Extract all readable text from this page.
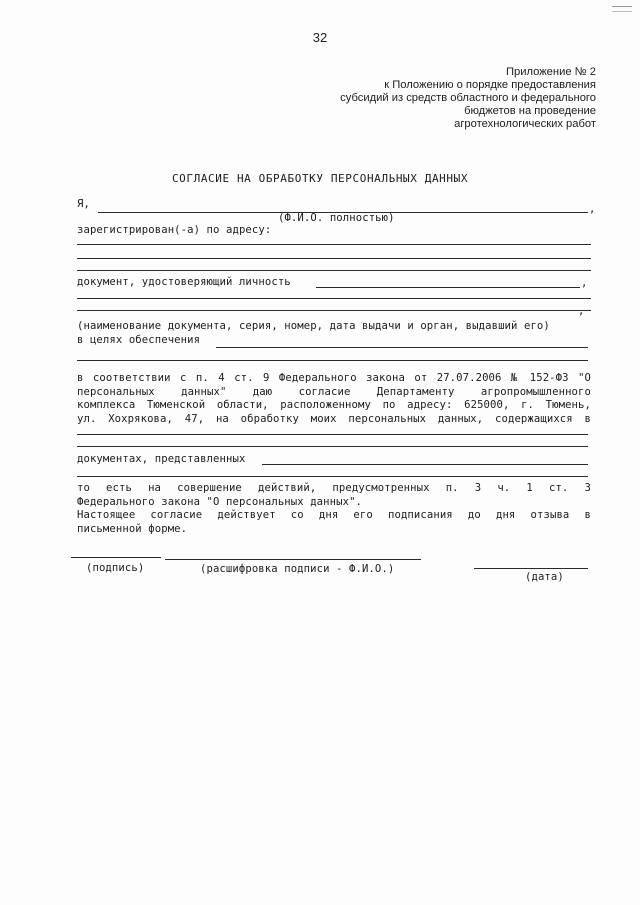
32
Приложение № 2
к Положению о порядке предоставления
субсидий из средств областного и федерального
бюджетов на проведение
агротехнологических работ
СОГЛАСИЕ НА ОБРАБОТКУ ПЕРСОНАЛЬНЫХ ДАННЫХ
Я,	,
(Ф.И.О. полностью)
зарегистрирован(-а) по адресу:
документ, удостоверяющий личность	,
,
(наименование документа, серия, номер, дата выдачи и орган, выдавший его)
в целях обеспечения
в соответствии с п. 4 ст. 9 Федерального закона от 27.07.2006 № 152-ФЗ "О
персональных данных" даю согласие Департаменту агропромышленного
комплекса Тюменской области, расположенному по адресу: 625000, г. Тюмень,
ул. Хохрякова, 47, на обработку моих персональных данных, содержащихся в
документах, представленных
то есть на совершение действий, предусмотренных п. 3 ч. 1 ст. 3
Федерального закона "О персональных данных".
Настоящее согласие действует со дня его подписания до дня отзыва в
письменной форме.
(подпись)	(расшифровка подписи - Ф.И.О.)
(дата)
